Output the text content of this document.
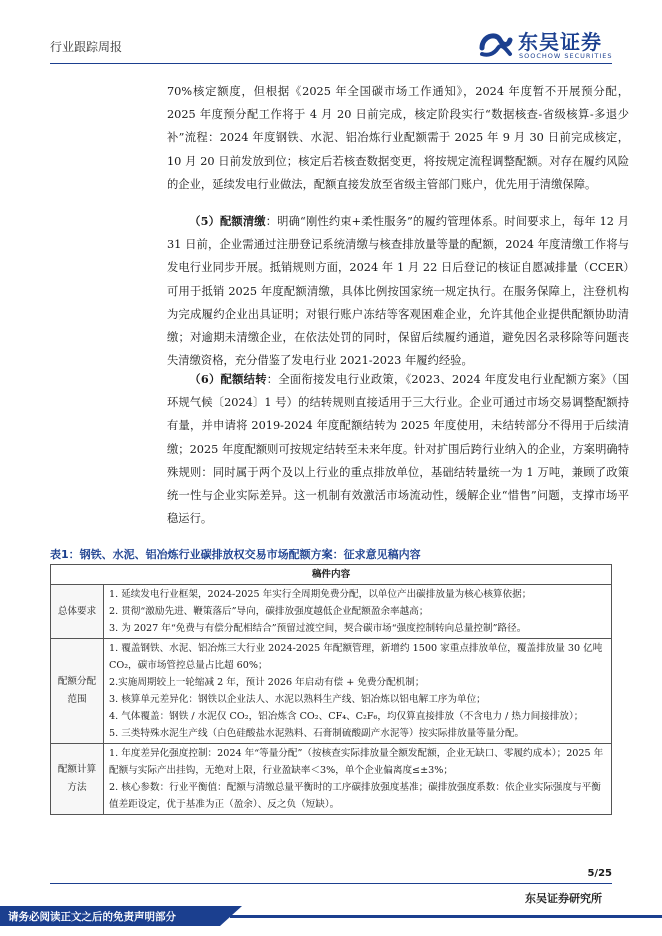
行业跟踪周报	东吴证券
SOOCHOW SECURITIES

70%核定额度，但根据《2025 年全国碳市场工作通知》，2024 年度暂不开展预分配，2025 年度预分配工作将于 4 月 20 日前完成，核定阶段实行“数据核查-省级核算-多退少补”流程：2024 年度钢铁、水泥、铝冶炼行业配额需于 2025 年 9 月 30 日前完成核定，10 月 20 日前发放到位；核定后若核查数据变更，将按规定流程调整配额。对存在履约风险的企业，延续发电行业做法，配额直接发放至省级主管部门账户，优先用于清缴保障。

（5）配额清缴：明确“刚性约束+柔性服务”的履约管理体系。时间要求上，每年 12 月 31 日前，企业需通过注册登记系统清缴与核查排放量等量的配额，2024 年度清缴工作将与发电行业同步开展。抵销规则方面，2024 年 1 月 22 日后登记的核证自愿减排量（CCER）可用于抵销 2025 年度配额清缴，具体比例按国家统一规定执行。在服务保障上，注登机构为完成履约企业出具证明；对银行账户冻结等客观困难企业，允许其他企业提供配额协助清缴；对逾期未清缴企业，在依法处罚的同时，保留后续履约通道，避免因名录移除等问题丧失清缴资格，充分借鉴了发电行业 2021-2023 年履约经验。

（6）配额结转：全面衔接发电行业政策，《2023、2024 年度发电行业配额方案》（国环规气候〔2024〕1 号）的结转规则直接适用于三大行业。企业可通过市场交易调整配额持有量，并申请将 2019-2024 年度配额结转为 2025 年度使用，未结转部分不得用于后续清缴；2025 年度配额则可按规定结转至未来年度。针对扩围后跨行业纳入的企业，方案明确特殊规则：同时属于两个及以上行业的重点排放单位，基础结转量统一为 1 万吨，兼顾了政策统一性与企业实际差异。这一机制有效激活市场流动性，缓解企业“惜售”问题，支撑市场平稳运行。

表1：钢铁、水泥、铝冶炼行业碳排放权交易市场配额方案：征求意见稿内容
稿件内容	
总体要求	1. 延续发电行业框架，2024-2025 年实行全周期免费分配，以单位产出碳排放量为核心核算依据；

2. 贯彻“激励先进、鞭策落后”导向，碳排放强度越低企业配额盈余率越高；

3. 为 2027 年“免费与有偿分配相结合”预留过渡空间，契合碳市场“强度控制转向总量控制”路径。

配额分配范围	1. 覆盖钢铁、水泥、铝冶炼三大行业 2024-2025 年配额管理，新增约 1500 家重点排放单位，覆盖排放量 30 亿吨 CO₂，碳市场管控总量占比超 60%；

2.实施周期较上一轮缩减 2 年，预计 2026 年启动有偿 + 免费分配机制；

3. 核算单元差异化：钢铁以企业法人、水泥以熟料生产线、铝冶炼以铝电解工序为单位；

4. 气体覆盖：钢铁 / 水泥仅 CO₂，铝冶炼含 CO₂、CF₄、C₂F₆，均仅算直接排放（不含电力 / 热力间接排放）；

5. 三类特殊水泥生产线（白色硅酸盐水泥熟料、石膏制硫酸副产水泥等）按实际排放量等量分配。

配额计算方法	1. 年度差异化强度控制：2024 年“等量分配”（按核查实际排放量全额发配额，企业无缺口、零履约成本）；2025 年配额与实际产出挂钩，无绝对上限，行业盈缺率＜3%，单个企业偏离度≤±3%；

2. 核心参数：行业平衡值：配额与清缴总量平衡时的工序碳排放强度基准；碳排放强度系数：依企业实际强度与平衡值差距设定，优于基准为正（盈余）、反之负（短缺）。

5/25
东吴证券研究所
请务必阅读正文之后的免责声明部分
